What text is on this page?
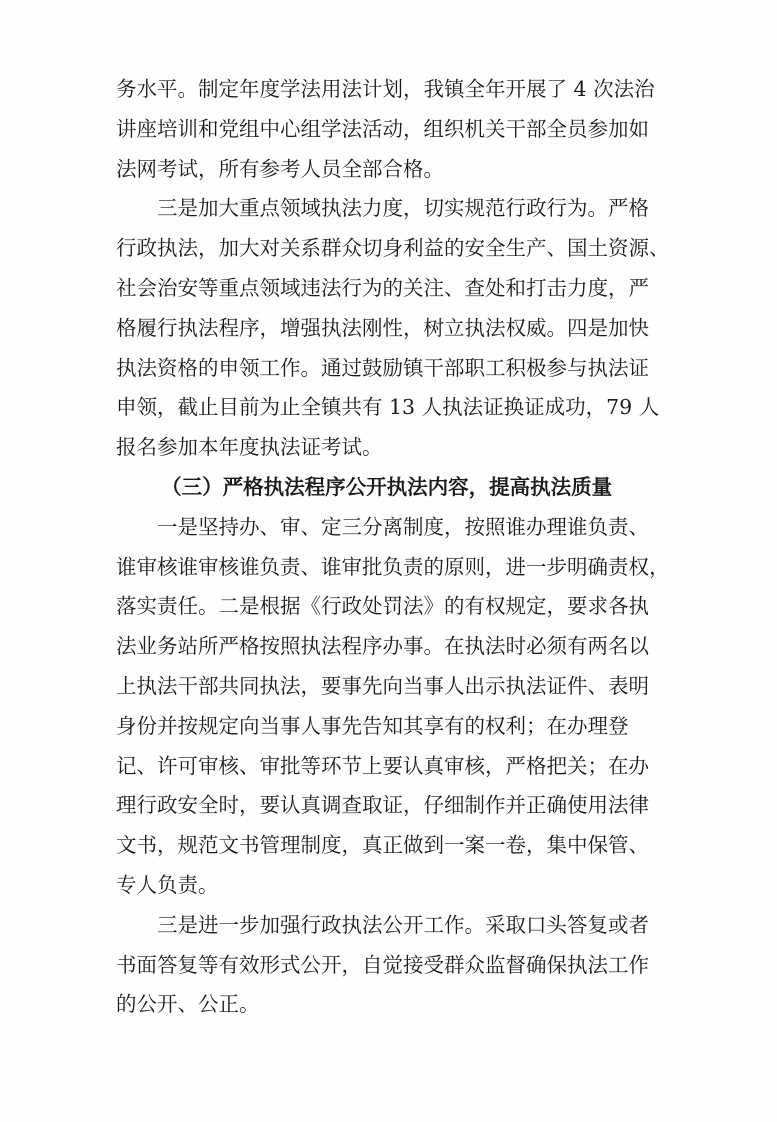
务水平。制定年度学法用法计划，我镇全年开展了 4 次法治
讲座培训和党组中心组学法活动，组织机关干部全员参加如
法网考试，所有参考人员全部合格。
三是加大重点领域执法力度，切实规范行政行为。严格
行政执法，加大对关系群众切身利益的安全生产、国土资源、
社会治安等重点领域违法行为的关注、查处和打击力度，严
格履行执法程序，增强执法刚性，树立执法权威。四是加快
执法资格的申领工作。通过鼓励镇干部职工积极参与执法证
申领，截止目前为止全镇共有 13 人执法证换证成功，79 人
报名参加本年度执法证考试。
（三）严格执法程序公开执法内容，提高执法质量
一是坚持办、审、定三分离制度，按照谁办理谁负责、
谁审核谁审核谁负责、谁审批负责的原则，进一步明确责权，
落实责任。二是根据《行政处罚法》的有权规定，要求各执
法业务站所严格按照执法程序办事。在执法时必须有两名以
上执法干部共同执法，要事先向当事人出示执法证件、表明
身份并按规定向当事人事先告知其享有的权利；在办理登
记、许可审核、审批等环节上要认真审核，严格把关；在办
理行政安全时，要认真调查取证，仔细制作并正确使用法律
文书，规范文书管理制度，真正做到一案一卷，集中保管、
专人负责。
三是进一步加强行政执法公开工作。采取口头答复或者
书面答复等有效形式公开，自觉接受群众监督确保执法工作
的公开、公正。
